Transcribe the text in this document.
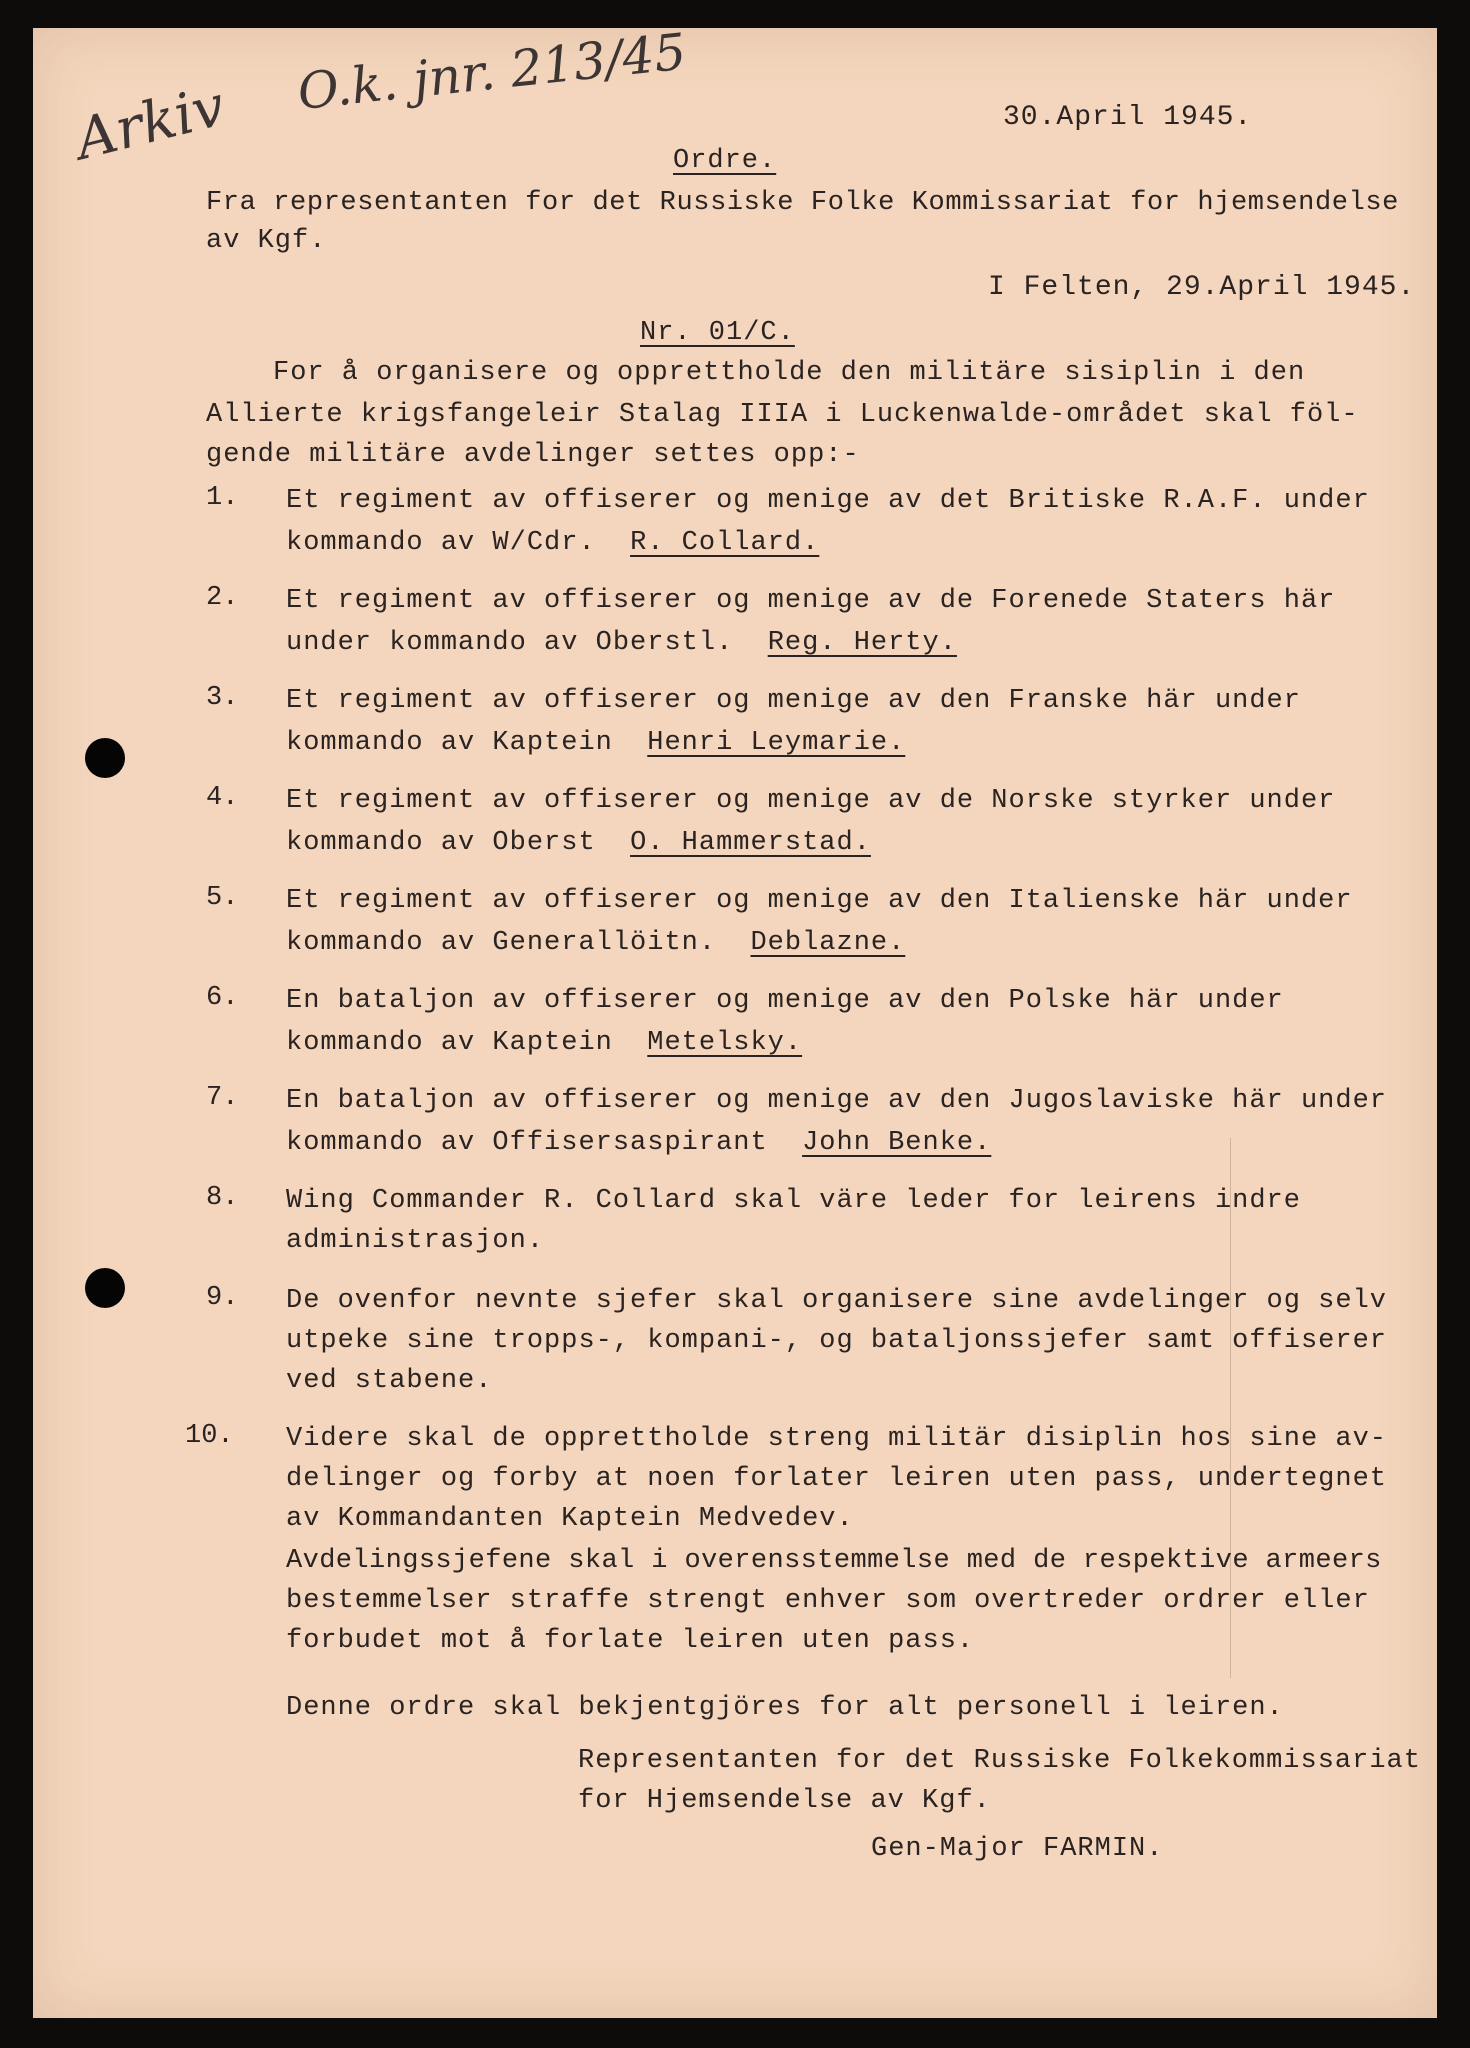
Arkiv
O.k. jnr. 213/45	30.April 1945.
Ordre.
Fra representanten for det Russiske Folke Kommissariat for hjemsendelse
av Kgf.
I Felten, 29.April 1945.
Nr. 01/C.
For å organisere og opprettholde den militäre sisiplin i den
Allierte krigsfangeleir Stalag IIIA i Luckenwalde-området skal föl-
gende militäre avdelinger settes opp:-
1. Et regiment av offiserer og menige av det Britiske R.A.F. under
kommando av W/Cdr. R. Collard.
2. Et regiment av offiserer og menige av de Forenede Staters här
under kommando av Oberstl. Reg. Herty.
3. Et regiment av offiserer og menige av den Franske här under
kommando av Kaptein Henri Leymarie.
4. Et regiment av offiserer og menige av de Norske styrker under
kommando av Oberst O. Hammerstad.
5. Et regiment av offiserer og menige av den Italienske här under
kommando av Generallöitn. Deblazne.
6. En bataljon av offiserer og menige av den Polske här under
kommando av Kaptein Metelsky.
7. En bataljon av offiserer og menige av den Jugoslaviske här under
kommando av Offisersaspirant John Benke.
8. Wing Commander R. Collard skal väre leder for leirens indre
administrasjon.
9. De ovenfor nevnte sjefer skal organisere sine avdelinger og selv
utpeke sine tropps-, kompani-, og bataljonssjefer samt offiserer
ved stabene.
10. Videre skal de opprettholde streng militär disiplin hos sine av-
delinger og forby at noen forlater leiren uten pass, undertegnet
av Kommandanten Kaptein Medvedev.
Avdelingssjefene skal i overensstemmelse med de respektive armeers
bestemmelser straffe strengt enhver som overtreder ordrer eller
forbudet mot å forlate leiren uten pass.
Denne ordre skal bekjentgjöres for alt personell i leiren.
Representanten for det Russiske Folkekommissariat
for Hjemsendelse av Kgf.
Gen-Major FARMIN.
